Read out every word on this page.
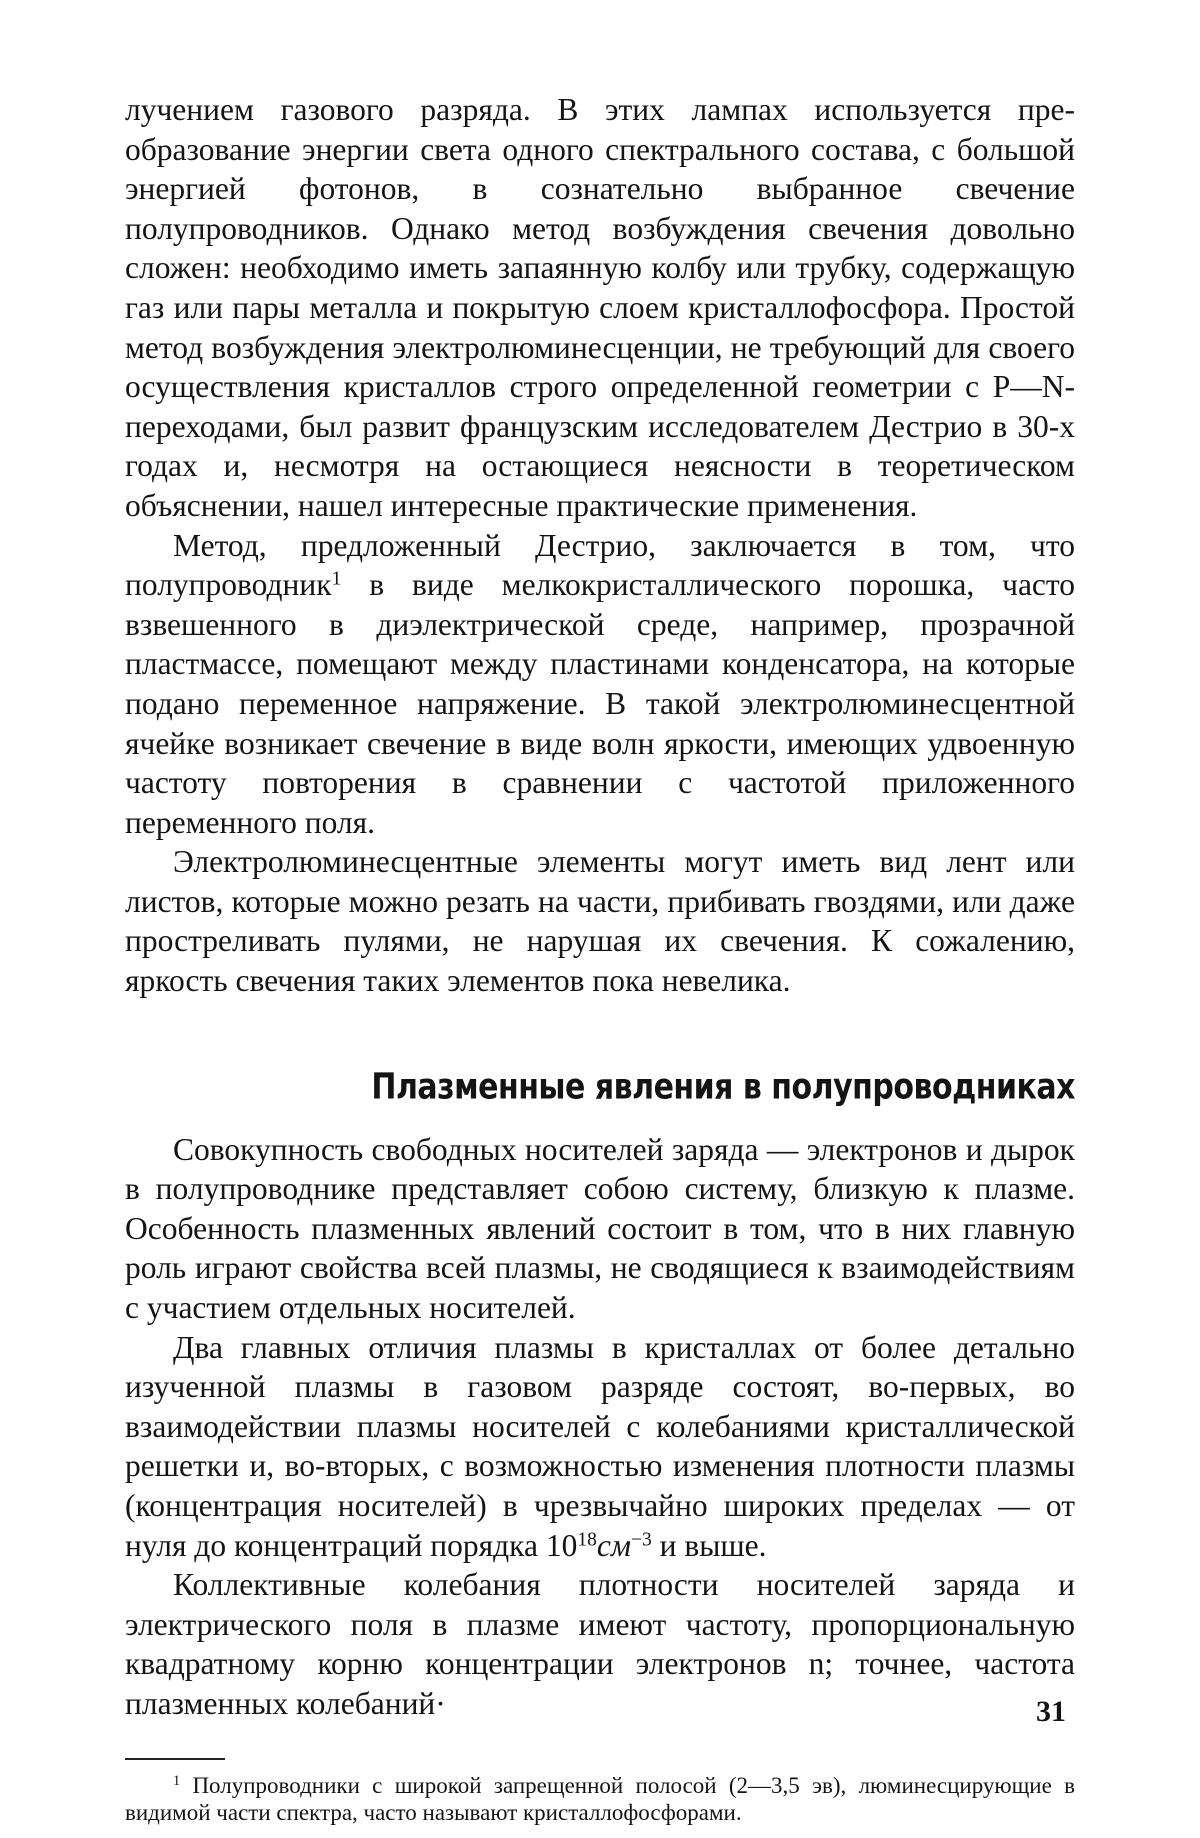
лучением газового разряда. В этих лампах используется преобразование энергии света одного спектрального состава, с большой энергией фотонов, в сознательно выбранное свечение полупроводников. Однако метод возбуждения свечения довольно сложен: необходимо иметь запаянную колбу или трубку, содержащую газ или пары металла и покрытую слоем кристаллофосфора. Простой метод возбуждения электролюминесценции, не требующий для своего осуществления кристаллов строго определенной геометрии с P—N-переходами, был развит французским исследователем Дестрио в 30-х годах и, несмотря на остающиеся неясности в теоретическом объяснении, нашел интересные практические применения.

Метод, предложенный Дестрио, заключается в том, что полупроводник$^1$ в виде мелкокристаллического порошка, часто взвешенного в диэлектрической среде, например, прозрачной пластмассе, помещают между пластинами конденсатора, на которые подано переменное напряжение. В такой электролюминесцентной ячейке возникает свечение в виде волн яркости, имеющих удвоенную частоту повторения в сравнении с частотой приложенного переменного поля.

Электролюминесцентные элементы могут иметь вид лент или листов, которые можно резать на части, прибивать гвоздями, или даже простреливать пулями, не нарушая их свечения. К сожалению, яркость свечения таких элементов пока невелика.

Плазменные явления в полупроводниках

Совокупность свободных носителей заряда — электронов и дырок в полупроводнике представляет собою систему, близкую к плазме. Особенность плазменных явлений состоит в том, что в них главную роль играют свойства всей плазмы, не сводящиеся к взаимодействиям с участием отдельных носителей.

Два главных отличия плазмы в кристаллах от более детально изученной плазмы в газовом разряде состоят, во-первых, во взаимодействии плазмы носителей с колебаниями кристаллической решетки и, во-вторых, с возможностью изменения плотности плазмы (концентрация носителей) в чрезвычайно широких пределах — от нуля до концентраций порядка $10^{18}см^{-3}$ и выше.

Коллективные колебания плотности носителей заряда и электрического поля в плазме имеют частоту, пропорциональную квадратному корню концентрации электронов n; точнее, частота плазменных колебаний·

$^1$ Полупроводники с широкой запрещенной полосой (2—3,5 эв), люминесцирующие в видимой части спектра, часто называют кристаллофосфорами.

31
